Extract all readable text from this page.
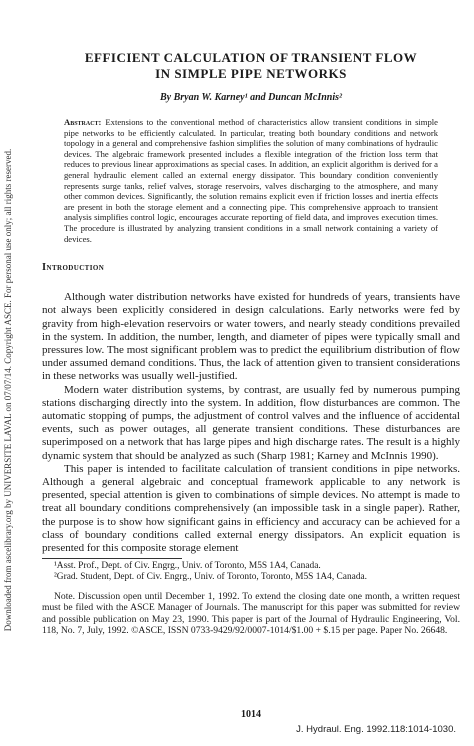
Downloaded from ascelibrary.org by UNIVERSITE LAVAL on 07/07/14. Copyright ASCE. For personal use only; all rights reserved.
EFFICIENT CALCULATION OF TRANSIENT FLOW IN SIMPLE PIPE NETWORKS
By Bryan W. Karney¹ and Duncan McInnis²
Abstract: Extensions to the conventional method of characteristics allow transient conditions in simple pipe networks to be efficiently calculated. In particular, treating both boundary conditions and network topology in a general and comprehensive fashion simplifies the solution of many combinations of hydraulic devices. The algebraic framework presented includes a flexible integration of the friction loss term that reduces to previous linear approximations as special cases. In addition, an explicit algorithm is derived for a general hydraulic element called an external energy dissipator. This boundary condition conveniently represents surge tanks, relief valves, storage reservoirs, valves discharging to the atmosphere, and many other common devices. Significantly, the solution remains explicit even if friction losses and inertia effects are present in both the storage element and a connecting pipe. This comprehensive approach to transient analysis simplifies control logic, encourages accurate reporting of field data, and improves execution times. The procedure is illustrated by analyzing transient conditions in a small network containing a variety of devices.
Introduction

Although water distribution networks have existed for hundreds of years, transients have not always been explicitly considered in design calculations. Early networks were fed by gravity from high-elevation reservoirs or water towers, and nearly steady conditions prevailed in the system. In addition, the number, length, and diameter of pipes were typically small and pressures low. The most significant problem was to predict the equilibrium distribution of flow under assumed demand conditions. Thus, the lack of attention given to transient considerations in these networks was usually well-justified.

Modern water distribution systems, by contrast, are usually fed by numerous pumping stations discharging directly into the system. In addition, flow disturbances are common. The automatic stopping of pumps, the adjustment of control valves and the influence of accidental events, such as power outages, all generate transient conditions. These disturbances are superimposed on a network that has large pipes and high discharge rates. The result is a highly dynamic system that should be analyzed as such (Sharp 1981; Karney and McInnis 1990).

This paper is intended to facilitate calculation of transient conditions in pipe networks. Although a general algebraic and conceptual framework applicable to any network is presented, special attention is given to combinations of simple devices. No attempt is made to treat all boundary conditions comprehensively (an impossible task in a single paper). Rather, the purpose is to show how significant gains in efficiency and accuracy can be achieved for a class of boundary conditions called external energy dissipators. An explicit equation is presented for this composite storage element

¹Asst. Prof., Dept. of Civ. Engrg., Univ. of Toronto, M5S 1A4, Canada.

²Grad. Student, Dept. of Civ. Engrg., Univ. of Toronto, Toronto, M5S 1A4, Canada.

Note. Discussion open until December 1, 1992. To extend the closing date one month, a written request must be filed with the ASCE Manager of Journals. The manuscript for this paper was submitted for review and possible publication on May 23, 1990. This paper is part of the Journal of Hydraulic Engineering, Vol. 118, No. 7, July, 1992. ©ASCE, ISSN 0733-9429/92/0007-1014/$1.00 + $.15 per page. Paper No. 26648.

1014
J. Hydraul. Eng. 1992.118:1014-1030.
